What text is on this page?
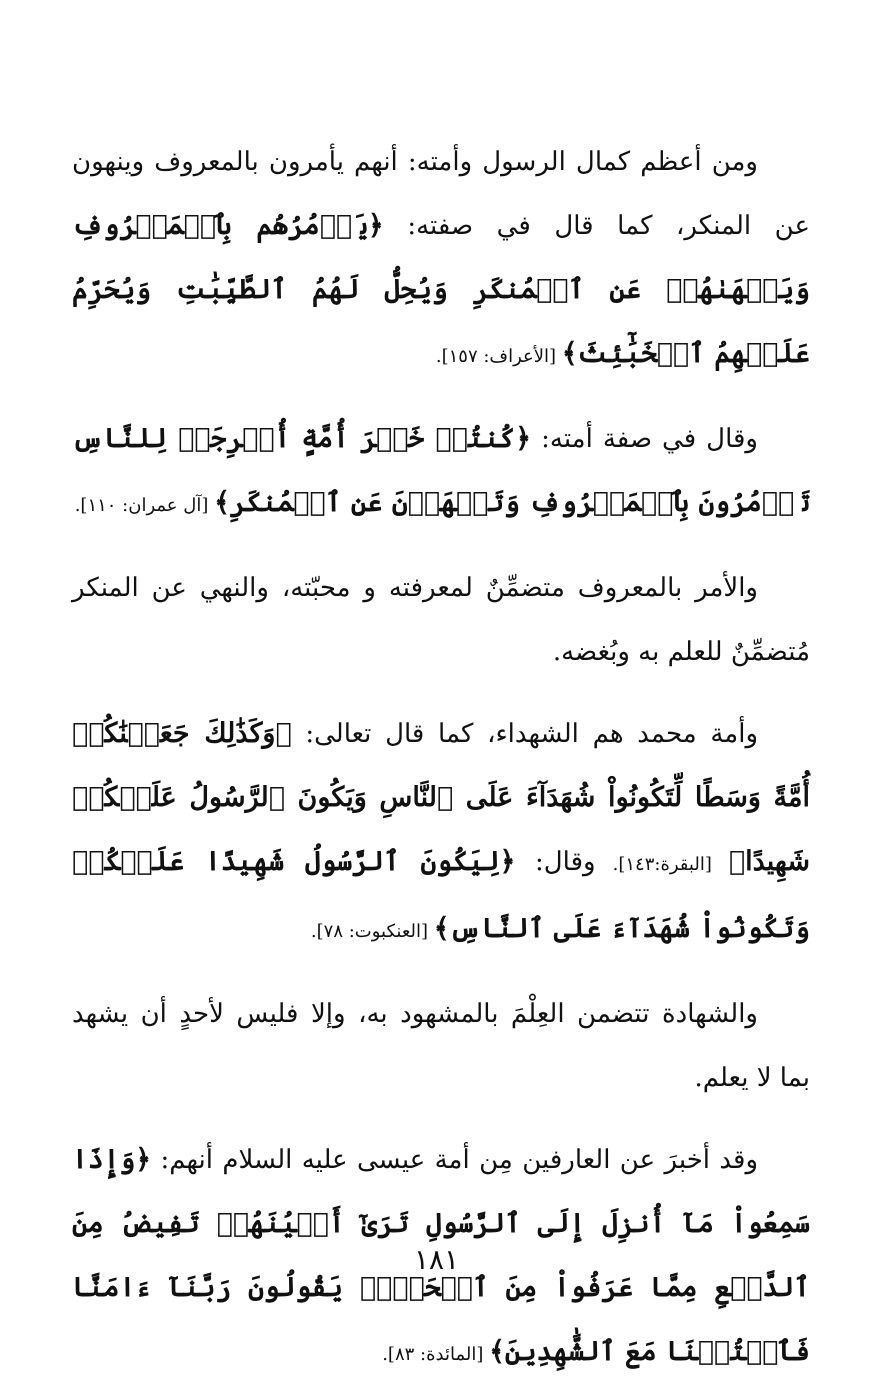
ومن أعظم كمال الرسول وأمته: أنهم يأمرون بالمعروف وينهون عن المنكر، كما قال في صفته: ﴿يَأۡمُرُهُم بِٱلۡمَعۡرُوفِ وَيَنۡهَىٰهُمۡ عَنِ ٱلۡمُنكَرِ وَيُحِلُّ لَهُمُ ٱلطَّيِّبَٰتِ وَيُحَرِّمُ عَلَيۡهِمُ ٱلۡخَبَٰٓئِثَ﴾ [الأعراف: ١٥٧].

وقال في صفة أمته: ﴿كُنتُمۡ خَيۡرَ أُمَّةٍ أُخۡرِجَتۡ لِلنَّاسِ تَأۡمُرُونَ بِٱلۡمَعۡرُوفِ وَتَنۡهَوۡنَ عَنِ ٱلۡمُنكَرِ﴾ [آل عمران: ١١٠].

والأمر بالمعروف متضمِّنٌ لمعرفته و محبّته، والنهي عن المنكر مُتضمِّنٌ للعلم به وبُغضه.

وأمة محمد هم الشهداء، كما قال تعالى: ﴿وَكَذَٰلِكَ جَعَلۡنَٰكُمۡ أُمَّةً وَسَطًا لِّتَكُونُواْ شُهَدَآءَ عَلَى ٱلنَّاسِ وَيَكُونَ ٱلرَّسُولُ عَلَيۡكُمۡ شَهِيدًا﴾ [البقرة:١٤٣]. وقال: ﴿لِيَكُونَ ٱلرَّسُولُ شَهِيدًا عَلَيۡكُمۡ وَتَكُونُواْ شُهَدَآءَ عَلَى ٱلنَّاسِ﴾ [العنكبوت: ٧٨].

والشهادة تتضمن العِلْمَ بالمشهود به، وإلا فليس لأحدٍ أن يشهد بما لا يعلم.

وقد أخبرَ عن العارفين مِن أمة عيسى عليه السلام أنهم: ﴿وَإِذَا سَمِعُواْ مَآ أُنزِلَ إِلَى ٱلرَّسُولِ تَرَىٰٓ أَعۡيُنَهُمۡ تَفِيضُ مِنَ ٱلدَّمۡعِ مِمَّا عَرَفُواْ مِنَ ٱلۡحَقِّۖ يَقُولُونَ رَبَّنَآ ءَامَنَّا فَٱكۡتُبۡنَا مَعَ ٱلشَّٰهِدِينَ﴾ [المائدة: ٨٣].

١٨١
